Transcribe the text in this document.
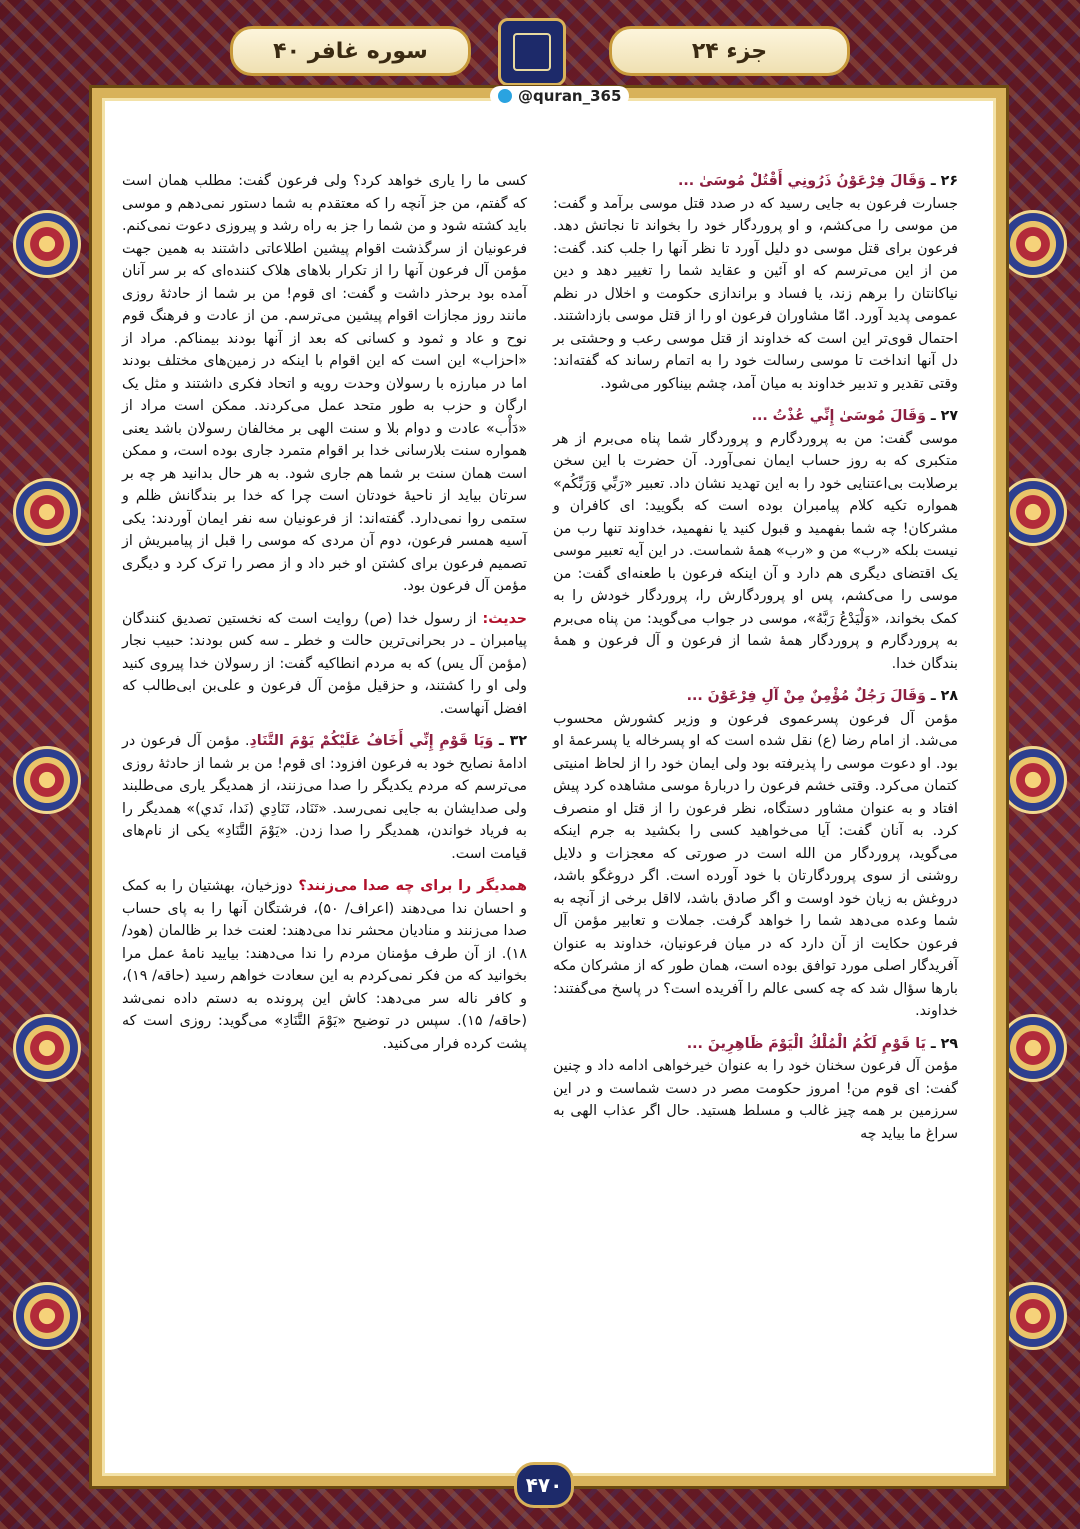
سوره غافر ۴۰	جزء ۲۴
@quran_365

۲۶ ـ وَقَالَ فِرْعَوْنُ ذَرُونِي أَقْتُلْ مُوسَىٰ ...
جسارت فرعون به جایی رسید که در صدد قتل موسی برآمد و گفت: من موسی را می‌کشم، و او پروردگار خود را بخواند تا نجاتش دهد. فرعون برای قتل موسی دو دلیل آورد تا نظر آنها را جلب کند. گفت: من از این می‌ترسم که او آئین و عقاید شما را تغییر دهد و دین نیاکانتان را برهم زند، یا فساد و براندازی حکومت و اخلال در نظم عمومی پدید آورد. امّا مشاوران فرعون او را از قتل موسی بازداشتند. احتمال قوی‌تر این است که خداوند از قتل موسی رعب و وحشتی بر دل آنها انداخت تا موسی رسالت خود را به اتمام رساند که گفته‌اند: وقتی تقدیر و تدبیر خداوند به میان آمد، چشم بیناکور می‌شود.

۲۷ ـ وَقَالَ مُوسَىٰ إِنِّي عُذْتُ ...
موسی گفت: من به پروردگارم و پروردگار شما پناه می‌برم از هر متکبری که به روز حساب ایمان نمی‌آورد. آن حضرت با این سخن برصلابت بی‌اعتنایی خود را به این تهدید نشان داد. تعبیر «رَبِّي وَرَبِّكُم» همواره تکیه کلام پیامبران بوده است که بگویید: ای کافران و مشرکان! چه شما بفهمید و قبول کنید یا نفهمید، خداوند تنها رب من نیست بلکه «رب» من و «رب» همهٔ شماست. در این آیه تعبیر موسی یک اقتضای دیگری هم دارد و آن اینکه فرعون با طعنه‌ای گفت: من موسی را می‌کشم، پس او پروردگارش را، پروردگار خودش را به کمک بخواند، «وَلْيَدْعُ رَبَّهُ»، موسی در جواب می‌گوید: من پناه می‌برم به پروردگارم و پروردگار همهٔ شما از فرعون و آل فرعون و همهٔ بندگان خدا.

۲۸ ـ وَقَالَ رَجُلٌ مُؤْمِنٌ مِنْ آلِ فِرْعَوْنَ ...
مؤمن آل فرعون پسرعموی فرعون و وزیر کشورش محسوب می‌شد. از امام رضا (ع) نقل شده است که او پسرخاله یا پسرعمهٔ او بود. او دعوت موسی را پذیرفته بود ولی ایمان خود را از لحاظ امنیتی کتمان می‌کرد. وقتی خشم فرعون را دربارهٔ موسی مشاهده کرد پیش افتاد و به عنوان مشاور دستگاه، نظر فرعون را از قتل او منصرف کرد. به آنان گفت: آیا می‌خواهید کسی را بکشید به جرم اینکه می‌گوید، پروردگار من الله است در صورتی که معجزات و دلایل روشنی از سوی پروردگارتان با خود آورده است. اگر دروغگو باشد، دروغش به زیان خود اوست و اگر صادق باشد، لااقل برخی از آنچه به شما وعده می‌دهد شما را خواهد گرفت. جملات و تعابیر مؤمن آل فرعون حکایت از آن دارد که در میان فرعونیان، خداوند به عنوان آفریدگار اصلی مورد توافق بوده است، همان طور که از مشرکان مکه بارها سؤال شد که چه کسی عالم را آفریده است؟ در پاسخ می‌گفتند: خداوند.

۲۹ ـ يَا قَوْمِ لَكُمُ الْمُلْكُ الْيَوْمَ ظَاهِرِينَ ...
مؤمن آل فرعون سخنان خود را به عنوان خیرخواهی ادامه داد و چنین گفت: ای قوم من! امروز حکومت مصر در دست شماست و در این سرزمین بر همه چیز غالب و مسلط هستید. حال اگر عذاب الهی به سراغ ما بیاید چه

کسی ما را یاری خواهد کرد؟ ولی فرعون گفت: مطلب همان است که گفتم، من جز آنچه را که معتقدم به شما دستور نمی‌دهم و موسی باید کشته شود و من شما را جز به راه رشد و پیروزی دعوت نمی‌کنم. فرعونیان از سرگذشت اقوام پیشین اطلاعاتی داشتند به همین جهت مؤمن آل فرعون آنها را از تکرار بلاهای هلاک کننده‌ای که بر سر آنان آمده بود برحذر داشت و گفت: ای قوم! من بر شما از حادثهٔ روزی مانند روز مجازات اقوام پیشین می‌ترسم. من از عادت و فرهنگ قوم نوح و عاد و ثمود و کسانی که بعد از آنها بودند بیمناکم. مراد از «احزاب» این است که این اقوام با اینکه در زمین‌های مختلف بودند اما در مبارزه با رسولان وحدت رویه و اتحاد فکری داشتند و مثل یک ارگان و حزب به طور متحد عمل می‌کردند. ممکن است مراد از «دَأْب» عادت و دوام بلا و سنت الهی بر مخالفان رسولان باشد یعنی همواره سنت بلارسانی خدا بر اقوام متمرد جاری بوده است، و ممکن است همان سنت بر شما هم جاری شود. به هر حال بدانید هر چه بر سرتان بیاید از ناحیهٔ خودتان است چرا که خدا بر بندگانش ظلم و ستمی روا نمی‌دارد. گفته‌اند: از فرعونیان سه نفر ایمان آوردند: یکی آسیه همسر فرعون، دوم آن مردی که موسی را قبل از پیامبریش از تصمیم فرعون برای کشتن او خبر داد و از مصر را ترک کرد و دیگری مؤمن آل فرعون بود.

حدیث: از رسول خدا (ص) روایت است که نخستین تصدیق کنندگان پیامبران ـ در بحرانی‌ترین حالت و خطر ـ سه کس بودند: حبیب نجار (مؤمن آل یس) که به مردم انطاکیه گفت: از رسولان خدا پیروی کنید ولی او را کشتند، و حزقیل مؤمن آل فرعون و علی‌بن ابی‌طالب که افضل آنهاست.

۳۲ ـ وَيَا قَوْمِ إِنِّي أَخَافُ عَلَيْكُمْ يَوْمَ التَّنَادِ. مؤمن آل فرعون در ادامهٔ نصایح خود به فرعون افزود: ای قوم! من بر شما از حادثهٔ روزی می‌ترسم که مردم یکدیگر را صدا می‌زنند، از همدیگر یاری می‌طلبند ولی صدایشان به جایی نمی‌رسد. «تَنَاد، تَنَادِي (نَدا، نَدي)» همدیگر را به فریاد خواندن، همدیگر را صدا زدن. «يَوْمَ التَّنَادِ» یکی از نام‌های قیامت است.

همدیگر را برای چه صدا می‌زنند؟ دوزخیان، بهشتیان را به کمک و احسان ندا می‌دهند (اعراف/ ۵۰)، فرشتگان آنها را به پای حساب صدا می‌زنند و منادیان محشر ندا می‌دهند: لعنت خدا بر ظالمان (هود/ ۱۸). از آن طرف مؤمنان مردم را ندا می‌دهند: بیایید نامهٔ عمل مرا بخوانید که من فکر نمی‌کردم به این سعادت خواهم رسید (حاقه/ ۱۹)، و کافر ناله سر می‌دهد: کاش این پرونده به دستم داده نمی‌شد (حاقه/ ۱۵). سپس در توضیح «يَوْمَ التَّنَادِ» می‌گوید: روزی است که پشت کرده فرار می‌کنید.

۴۷۰
